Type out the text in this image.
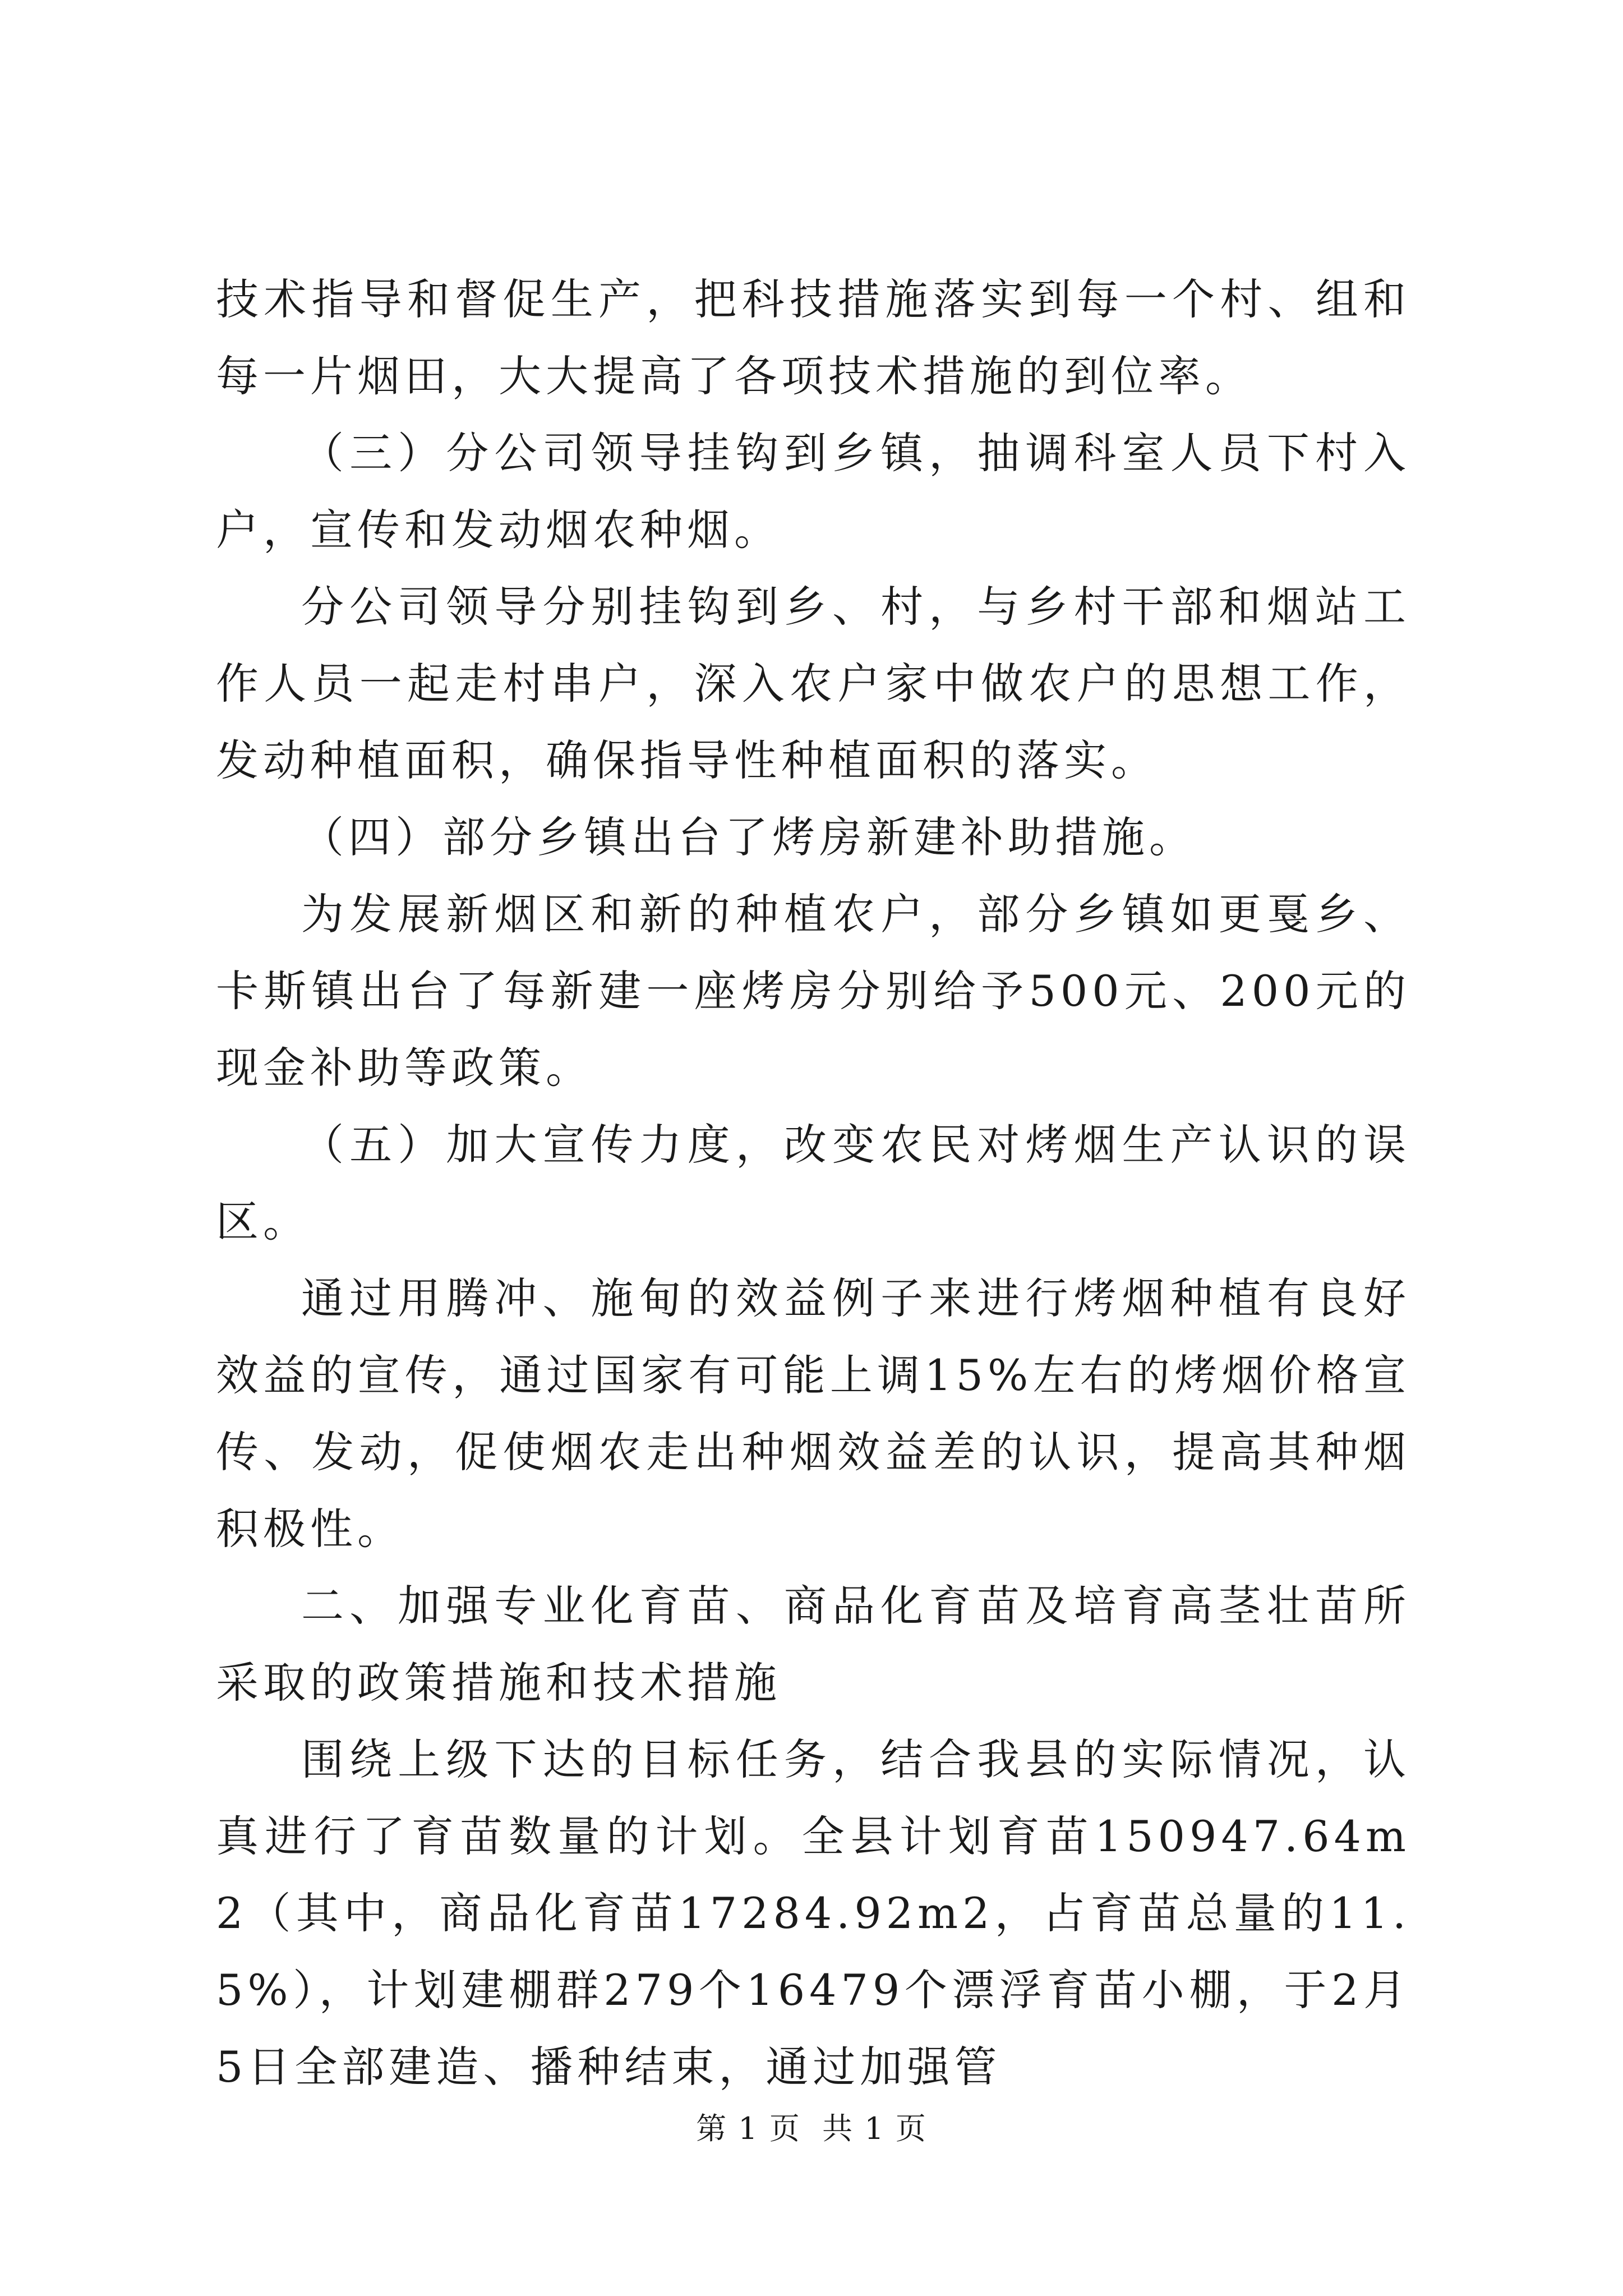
技术指导和督促生产，把科技措施落实到每一个村、组和每一片烟田，大大提高了各项技术措施的到位率。

（三）分公司领导挂钩到乡镇，抽调科室人员下村入户，宣传和发动烟农种烟。

分公司领导分别挂钩到乡、村，与乡村干部和烟站工作人员一起走村串户，深入农户家中做农户的思想工作，发动种植面积，确保指导性种植面积的落实。

（四）部分乡镇出台了烤房新建补助措施。

为发展新烟区和新的种植农户，部分乡镇如更戛乡、卡斯镇出台了每新建一座烤房分别给予500元、200元的现金补助等政策。

（五）加大宣传力度，改变农民对烤烟生产认识的误区。

通过用腾冲、施甸的效益例子来进行烤烟种植有良好效益的宣传，通过国家有可能上调15%左右的烤烟价格宣传、发动，促使烟农走出种烟效益差的认识，提高其种烟积极性。

二、加强专业化育苗、商品化育苗及培育高茎壮苗所采取的政策措施和技术措施

围绕上级下达的目标任务，结合我县的实际情况，认真进行了育苗数量的计划。全县计划育苗150947.64m2（其中，商品化育苗17284.92m2，占育苗总量的11.5%），计划建棚群279个16479个漂浮育苗小棚，于2月5日全部建造、播种结束，通过加强管

第 1 页  共 1 页
